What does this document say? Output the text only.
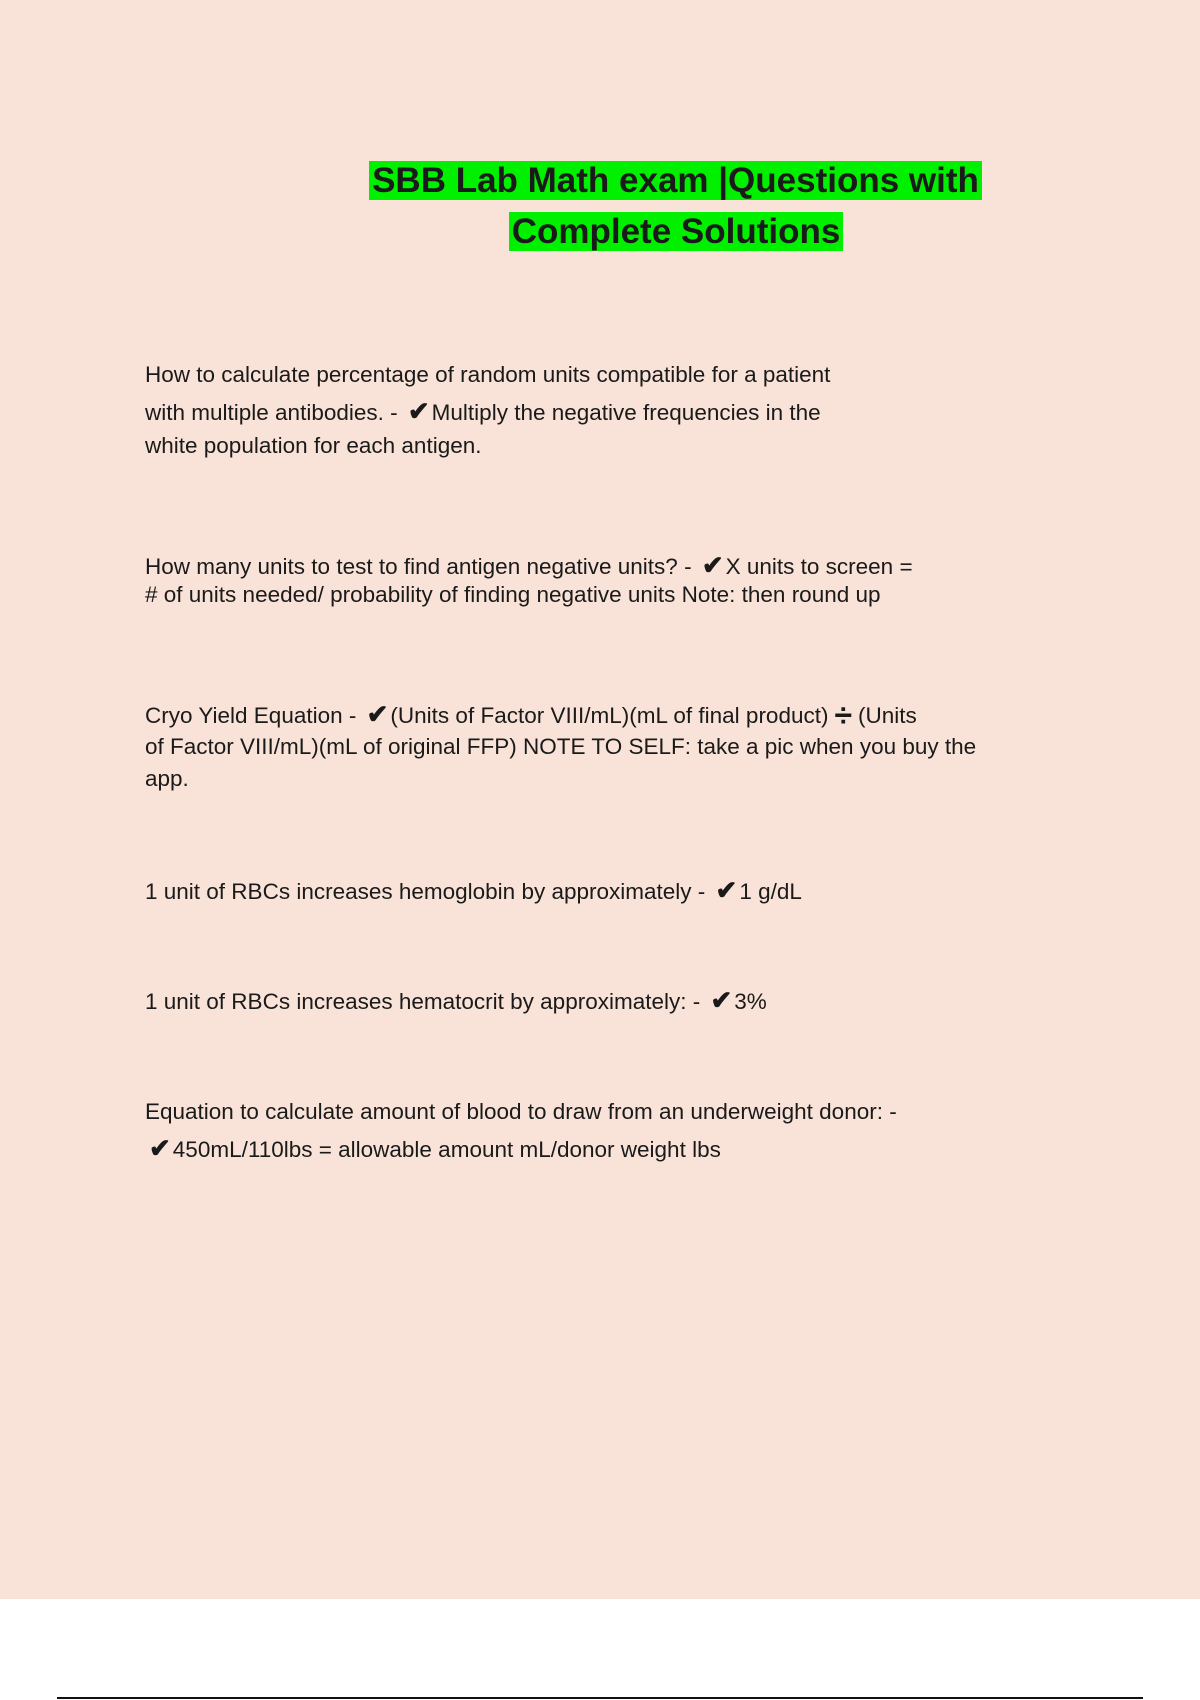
SBB Lab Math exam |Questions with
Complete Solutions
How to calculate percentage of random units compatible for a patient
with multiple antibodies. - ✔Multiply the negative frequencies in the
white population for each antigen.
How many units to test to find antigen negative units? - ✔X units to screen =
# of units needed/ probability of finding negative units Note: then round up
Cryo Yield Equation - ✔(Units of Factor VIII/mL)(mL of final product) ÷ (Units
of Factor VIII/mL)(mL of original FFP) NOTE TO SELF: take a pic when you buy the
app.
1 unit of RBCs increases hemoglobin by approximately - ✔1 g/dL
1 unit of RBCs increases hematocrit by approximately: - ✔3%
Equation to calculate amount of blood to draw from an underweight donor: -
✔450mL/110lbs = allowable amount mL/donor weight lbs
